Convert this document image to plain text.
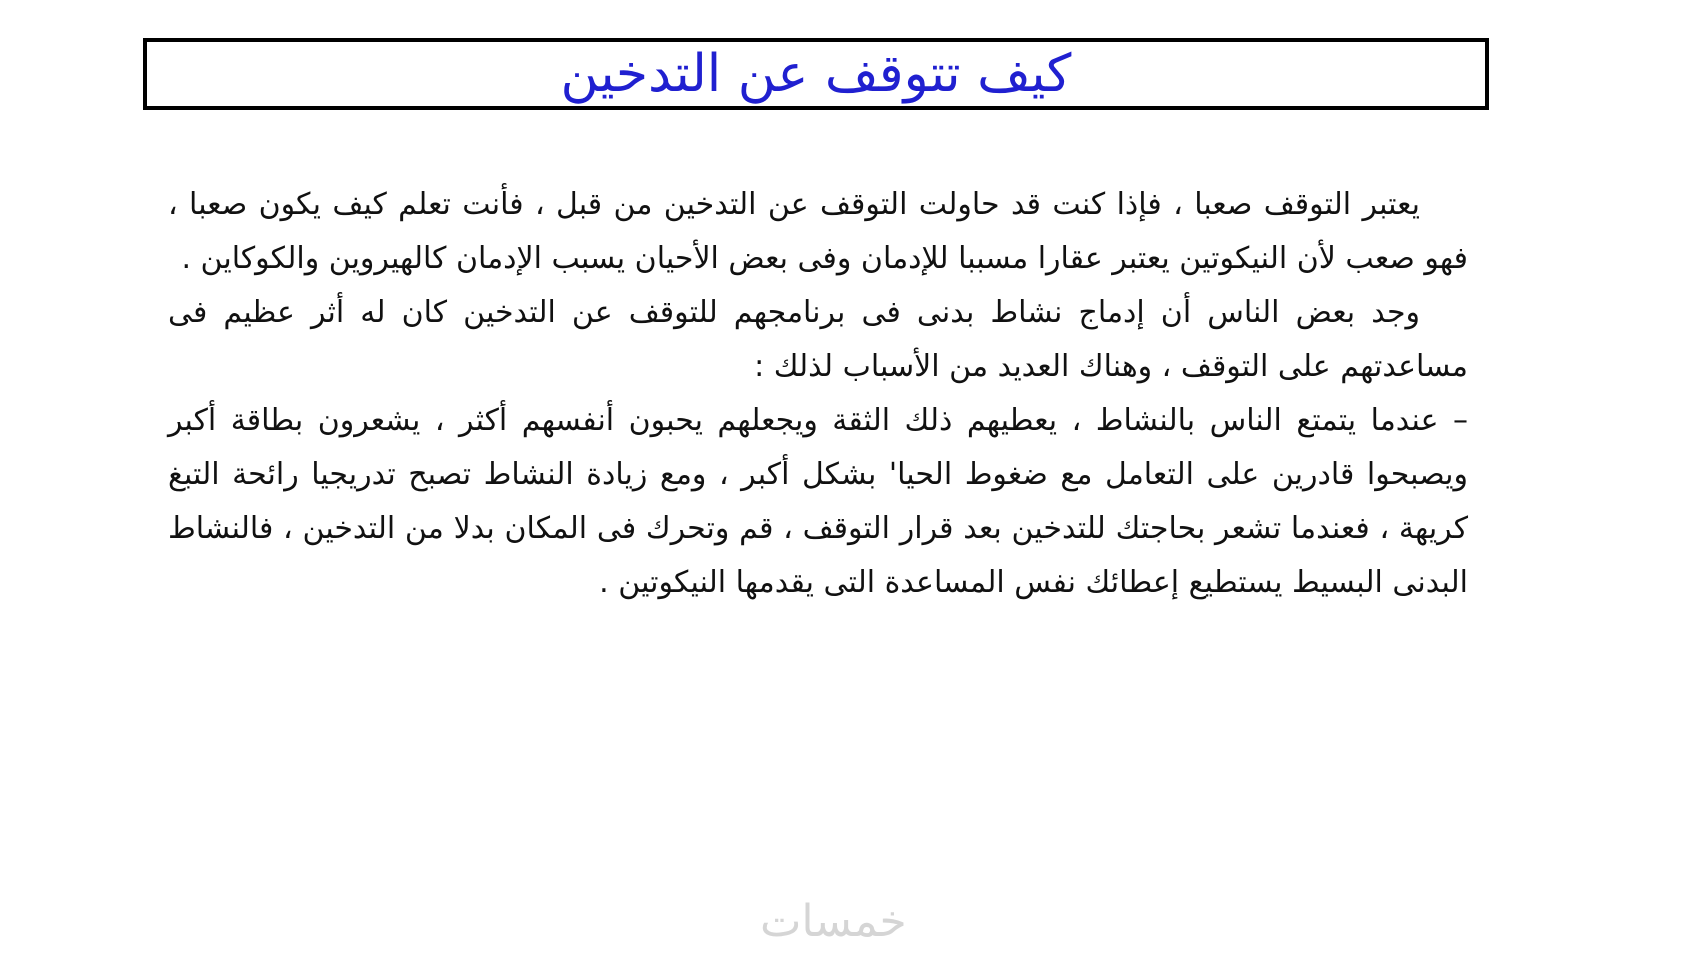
كيف تتوقف عن التدخين

يعتبر التوقف صعبا ، فإذا كنت قد حاولت التوقف عن التدخين من قبل ، فأنت تعلم كيف يكون صعبا ، فهو صعب لأن النيكوتين يعتبر عقارا مسببا للإدمان وفى بعض الأحيان يسبب الإدمان كالهيروين والكوكاين .

وجد بعض الناس أن إدماج نشاط بدنى فى برنامجهم للتوقف عن التدخين كان له أثر عظيم فى مساعدتهم على التوقف ، وهناك العديد من الأسباب لذلك :

– عندما يتمتع الناس بالنشاط ، يعطيهم ذلك الثقة ويجعلهم يحبون أنفسهم أكثر ، يشعرون بطاقة أكبر ويصبحوا قادرين على التعامل مع ضغوط الحيا' بشكل أكبر ، ومع زيادة النشاط تصبح تدريجيا رائحة التبغ كريهة ، فعندما تشعر بحاجتك للتدخين بعد قرار التوقف ، قم وتحرك فى المكان بدلا من التدخين ، فالنشاط البدنى البسيط يستطيع إعطائك نفس المساعدة التى يقدمها النيكوتين .

خمسات
